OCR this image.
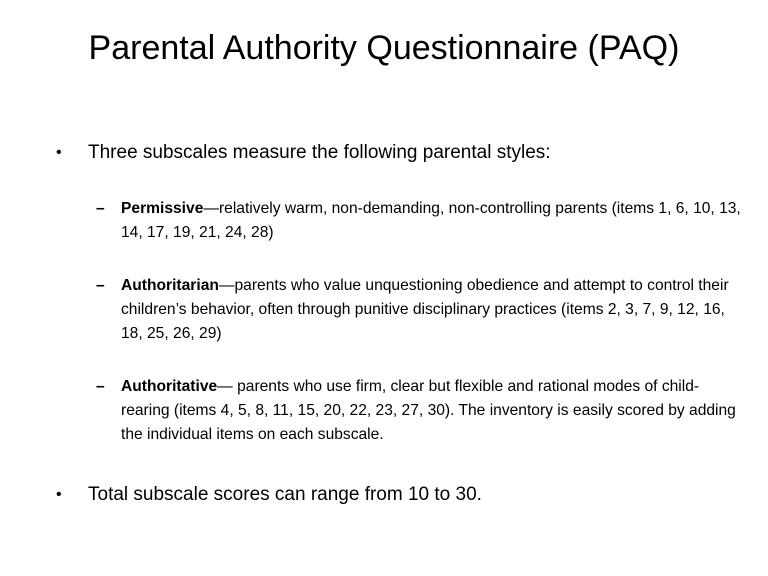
Parental Authority Questionnaire (PAQ)
•	Three subscales measure the following parental styles:
–	Permissive—relatively warm, non-demanding, non-controlling parents (items 1, 6, 10, 13, 14, 17, 19, 21, 24, 28)
–	Authoritarian—parents who value unquestioning obedience and attempt to control their children’s behavior, often through punitive disciplinary practices (items 2, 3, 7, 9, 12, 16, 18, 25, 26, 29)
–	Authoritative— parents who use firm, clear but flexible and rational modes of child-rearing (items 4, 5, 8, 11, 15, 20, 22, 23, 27, 30). The inventory is easily scored by adding the individual items on each subscale.
•	Total subscale scores can range from 10 to 30.
